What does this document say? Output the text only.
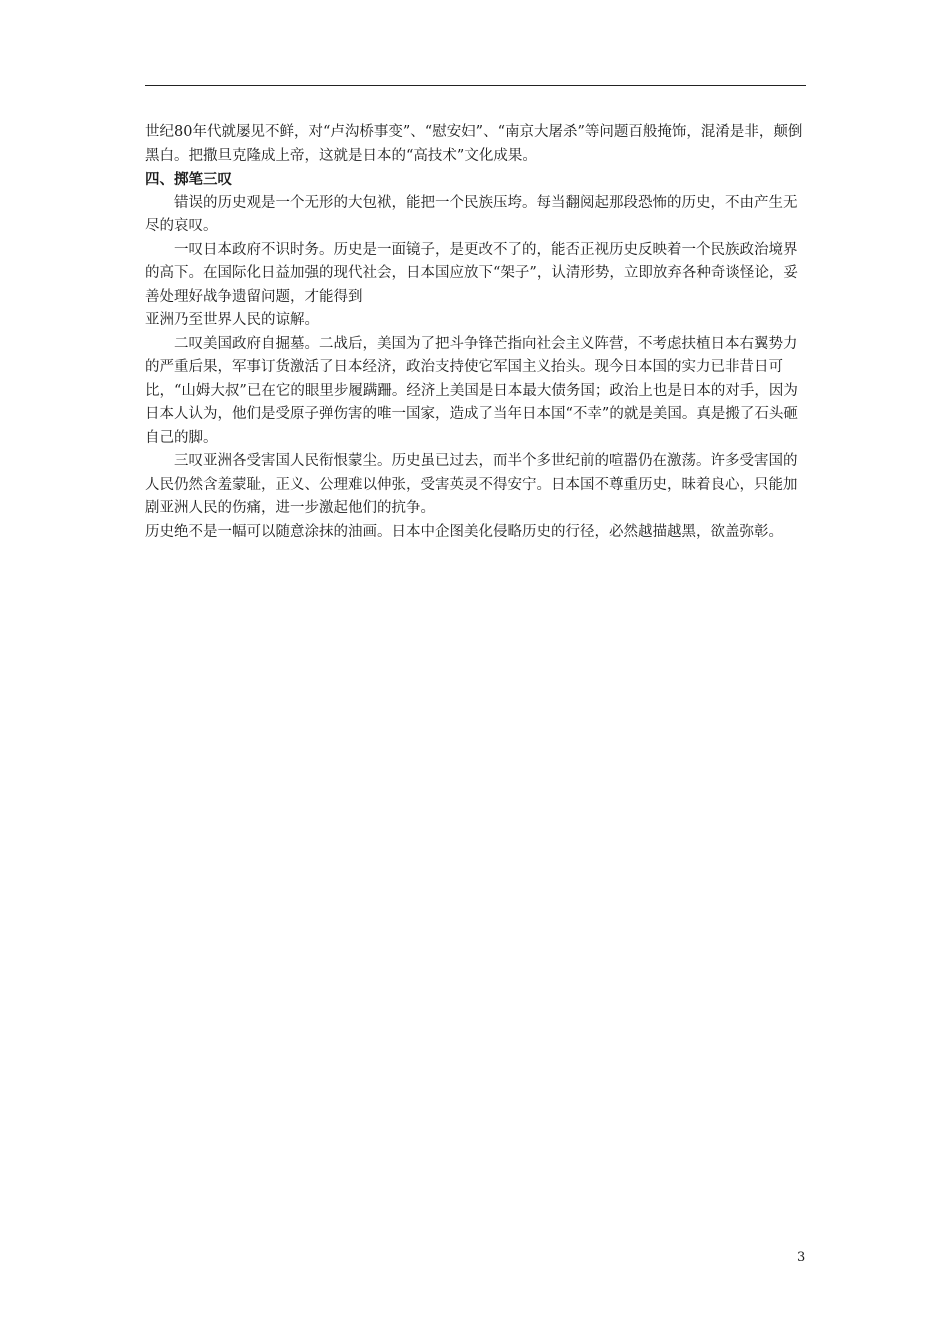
世纪80年代就屡见不鲜，对“卢沟桥事变”、“慰安妇”、“南京大屠杀”等问题百般掩饰，混淆是非，颠倒黑白。把撒旦克隆成上帝，这就是日本的“高技术”文化成果。

四、掷笔三叹

错误的历史观是一个无形的大包袱，能把一个民族压垮。每当翻阅起那段恐怖的历史，不由产生无尽的哀叹。

一叹日本政府不识时务。历史是一面镜子，是更改不了的，能否正视历史反映着一个民族政治境界的高下。在国际化日益加强的现代社会，日本国应放下“架子”，认清形势，立即放弃各种奇谈怪论，妥善处理好战争遗留问题，才能得到

亚洲乃至世界人民的谅解。

二叹美国政府自掘墓。二战后，美国为了把斗争锋芒指向社会主义阵营，不考虑扶植日本右翼势力的严重后果，军事订货激活了日本经济，政治支持使它军国主义抬头。现今日本国的实力已非昔日可比，“山姆大叔”已在它的眼里步履蹒跚。经济上美国是日本最大债务国；政治上也是日本的对手，因为日本人认为，他们是受原子弹伤害的唯一国家，造成了当年日本国“不幸”的就是美国。真是搬了石头砸自己的脚。

三叹亚洲各受害国人民衔恨蒙尘。历史虽已过去，而半个多世纪前的喧嚣仍在激荡。许多受害国的人民仍然含羞蒙耻，正义、公理难以伸张，受害英灵不得安宁。日本国不尊重历史，昧着良心，只能加剧亚洲人民的伤痛，进一步激起他们的抗争。

历史绝不是一幅可以随意涂抹的油画。日本中企图美化侵略历史的行径，必然越描越黑，欲盖弥彰。

3
